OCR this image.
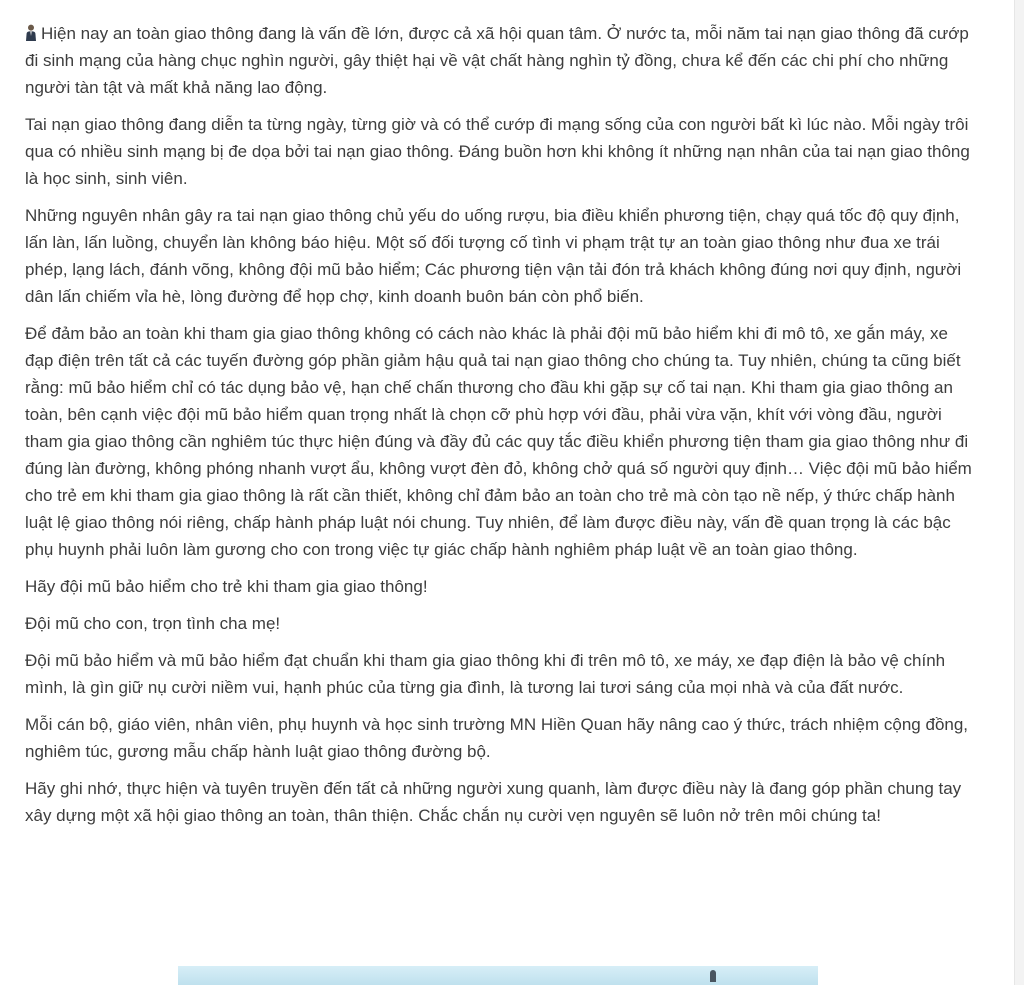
Hiện nay an toàn giao thông đang là vấn đề lớn, được cả xã hội quan tâm. Ở nước ta, mỗi năm tai nạn giao thông đã cướp đi sinh mạng của hàng chục nghìn người, gây thiệt hại về vật chất hàng nghìn tỷ đồng, chưa kể đến các chi phí cho những người tàn tật và mất khả năng lao động.

Tai nạn giao thông đang diễn ta từng ngày, từng giờ và có thể cướp đi mạng sống của con người bất kì lúc nào. Mỗi ngày trôi qua có nhiều sinh mạng bị đe dọa bởi tai nạn giao thông. Đáng buồn hơn khi không ít những nạn nhân của tai nạn giao thông là học sinh, sinh viên.

Những nguyên nhân gây ra tai nạn giao thông chủ yếu do uống rượu, bia điều khiển phương tiện, chạy quá tốc độ quy định, lấn làn, lấn luồng, chuyển làn không báo hiệu. Một số đối tượng cố tình vi phạm trật tự an toàn giao thông như đua xe trái phép, lạng lách, đánh võng, không đội mũ bảo hiểm; Các phương tiện vận tải đón trả khách không đúng nơi quy định, người dân lấn chiếm vỉa hè, lòng đường để họp chợ, kinh doanh buôn bán còn phổ biến.

Để đảm bảo an toàn khi tham gia giao thông không có cách nào khác là phải đội mũ bảo hiểm khi đi mô tô, xe gắn máy, xe đạp điện trên tất cả các tuyến đường góp phần giảm hậu quả tai nạn giao thông cho chúng ta. Tuy nhiên, chúng ta cũng biết rằng: mũ bảo hiểm chỉ có tác dụng bảo vệ, hạn chế chấn thương cho đầu khi gặp sự cố tai nạn. Khi tham gia giao thông an toàn, bên cạnh việc đội mũ bảo hiểm quan trọng nhất là chọn cỡ phù hợp với đầu, phải vừa vặn, khít với vòng đầu, người tham gia giao thông cần nghiêm túc thực hiện đúng và đầy đủ các quy tắc điều khiển phương tiện tham gia giao thông như đi đúng làn đường, không phóng nhanh vượt ẩu, không vượt đèn đỏ, không chở quá số người quy định… Việc đội mũ bảo hiểm cho trẻ em khi tham gia giao thông là rất cần thiết, không chỉ đảm bảo an toàn cho trẻ mà còn tạo nề nếp, ý thức chấp hành luật lệ giao thông nói riêng, chấp hành pháp luật nói chung. Tuy nhiên, để làm được điều này, vấn đề quan trọng là các bậc phụ huynh phải luôn làm gương cho con trong việc tự giác chấp hành nghiêm pháp luật về an toàn giao thông.

Hãy đội mũ bảo hiểm cho trẻ khi tham gia giao thông!

Đội mũ cho con, trọn tình cha mẹ!

Đội mũ bảo hiểm và mũ bảo hiểm đạt chuẩn khi tham gia giao thông khi đi trên mô tô, xe máy, xe đạp điện là bảo vệ chính mình, là gìn giữ nụ cười niềm vui, hạnh phúc của từng gia đình, là tương lai tươi sáng của mọi nhà và của đất nước.

Mỗi cán bộ, giáo viên, nhân viên, phụ huynh và học sinh trường MN Hiền Quan hãy nâng cao ý thức, trách nhiệm cộng đồng, nghiêm túc, gương mẫu chấp hành luật giao thông đường bộ.

Hãy ghi nhớ, thực hiện và tuyên truyền đến tất cả những người xung quanh, làm được điều này là đang góp phần chung tay xây dựng một xã hội giao thông an toàn, thân thiện. Chắc chắn nụ cười vẹn nguyên sẽ luôn nở trên môi chúng ta!
